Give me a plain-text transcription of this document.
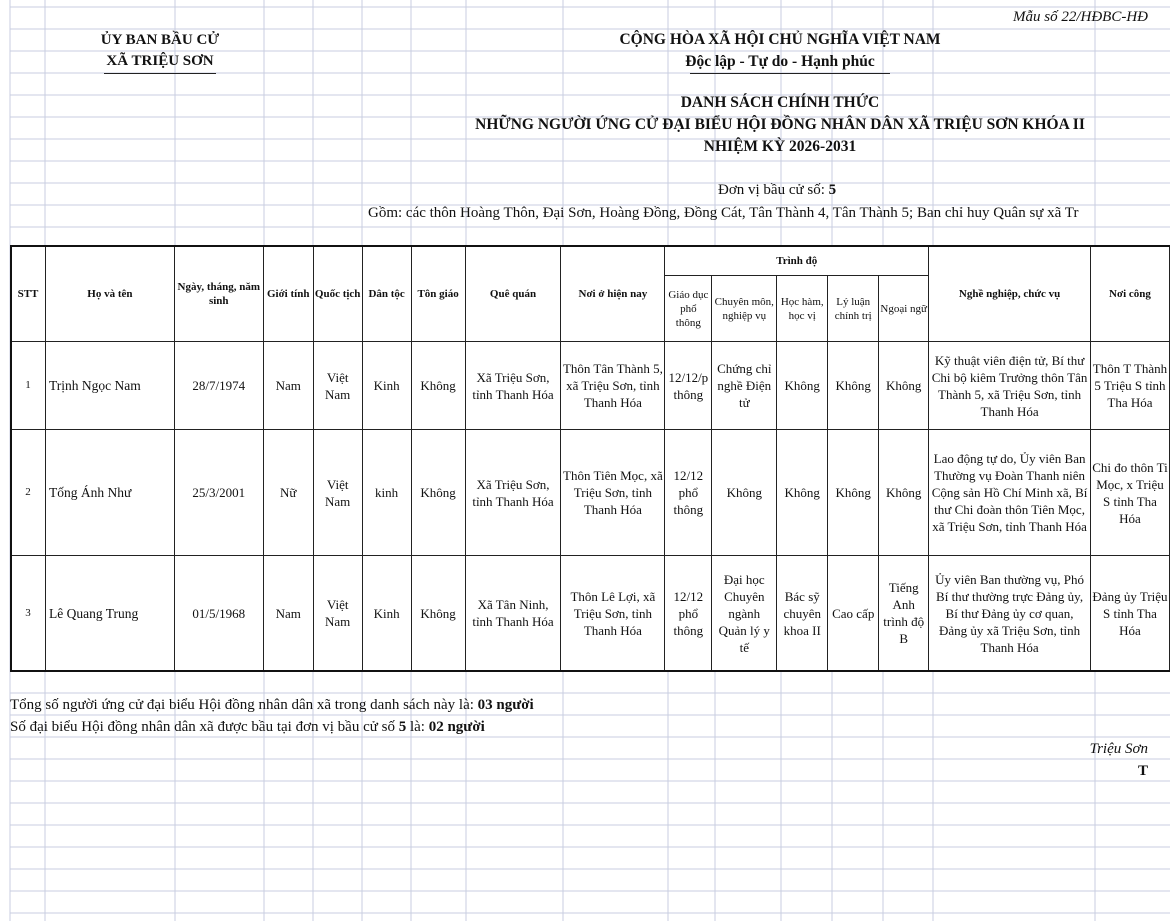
Mẫu số 22/HĐBC-HĐ
ỦY BAN BẦU CỬ
XÃ TRIỆU SƠN
CỘNG HÒA XÃ HỘI CHỦ NGHĨA VIỆT NAM
Độc lập - Tự do - Hạnh phúc
DANH SÁCH CHÍNH THỨC
NHỮNG NGƯỜI ỨNG CỬ ĐẠI BIỂU HỘI ĐỒNG NHÂN DÂN XÃ TRIỆU SƠN KHÓA II
NHIỆM KỲ 2026-2031
Đơn vị bầu cử số: 5
Gồm: các thôn Hoàng Thôn, Đại Sơn, Hoàng Đồng, Đồng Cát, Tân Thành 4, Tân Thành 5; Ban chỉ huy Quân sự xã Tr
STT	Họ và tên	Ngày, tháng, năm sinh	Giới tính	Quốc tịch	Dân tộc	Tôn giáo	Quê quán	Nơi ở hiện nay	Trình độ					Nghề nghiệp, chức vụ	Nơi công
									Giáo dục phổ thông	Chuyên môn, nghiệp vụ	Học hàm, học vị	Lý luận chính trị	Ngoại ngữ		
1	Trịnh Ngọc Nam	28/7/1974	Nam	Việt Nam	Kinh	Không	Xã Triệu Sơn, tỉnh Thanh Hóa	Thôn Tân Thành 5, xã Triệu Sơn, tỉnh Thanh Hóa	12/12/p thông	Chứng chỉ nghề Điện tử	Không	Không	Không	Kỹ thuật viên điện tử, Bí thư Chi bộ kiêm Trưởng thôn Tân Thành 5, xã Triệu Sơn, tỉnh Thanh Hóa	Thôn T Thành 5 Triệu S tỉnh Tha Hóa
2	Tống Ánh Như	25/3/2001	Nữ	Việt Nam	kinh	Không	Xã Triệu Sơn, tỉnh Thanh Hóa	Thôn Tiên Mọc, xã Triệu Sơn, tỉnh Thanh Hóa	12/12 phổ thông	Không	Không	Không	Không	Lao động tự do, Ủy viên Ban Thường vụ Đoàn Thanh niên Cộng sản Hồ Chí Minh xã, Bí thư Chi đoàn thôn Tiên Mọc, xã Triệu Sơn, tỉnh Thanh Hóa	Chi đo thôn Ti Mọc, x Triệu S tỉnh Tha Hóa
3	Lê Quang Trung	01/5/1968	Nam	Việt Nam	Kinh	Không	Xã Tân Ninh, tỉnh Thanh Hóa	Thôn Lê Lợi, xã Triệu Sơn, tỉnh Thanh Hóa	12/12 phổ thông	Đại học Chuyên ngành Quản lý y tế	Bác sỹ chuyên khoa II	Cao cấp	Tiếng Anh trình độ B	Ủy viên Ban thường vụ, Phó Bí thư thường trực Đảng ủy, Bí thư Đảng ủy cơ quan, Đảng ủy xã Triệu Sơn, tỉnh Thanh Hóa	Đảng ủy Triệu S tỉnh Tha Hóa
Tổng số người ứng cử đại biểu Hội đồng nhân dân xã trong danh sách này là: 03 người
Số đại biểu Hội đồng nhân dân xã được bầu tại đơn vị bầu cử số 5 là: 02 người
Triệu Sơn
T
